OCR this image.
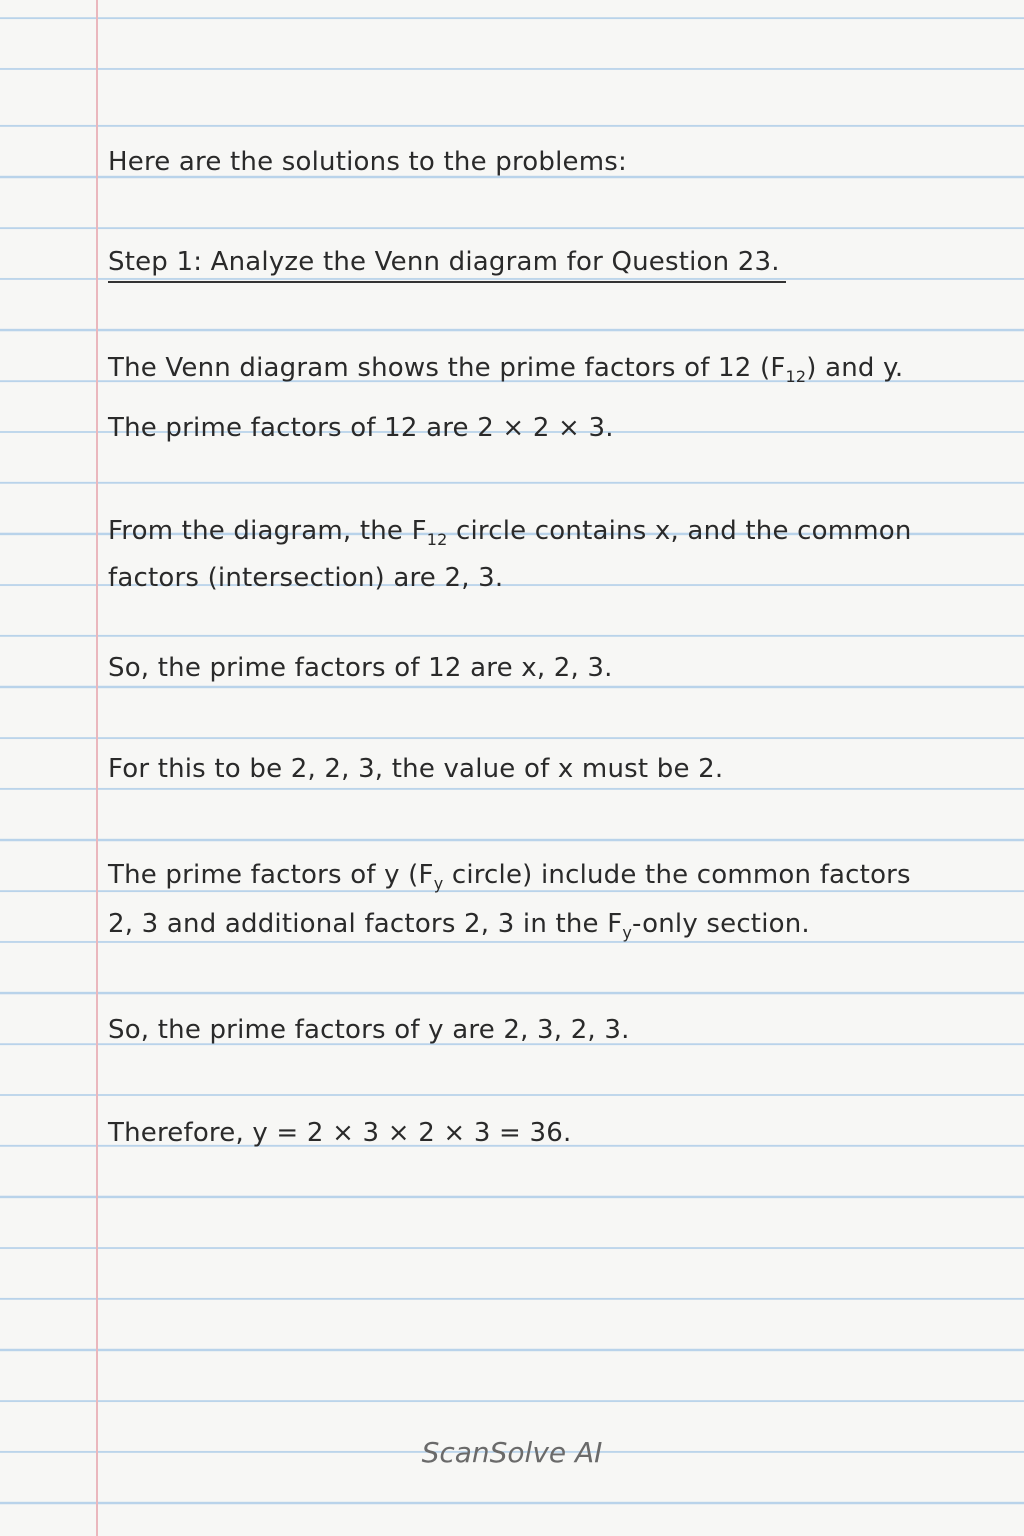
Here are the solutions to the problems:
Step 1: Analyze the Venn diagram for Question 23.
The Venn diagram shows the prime factors of 12 $(F_{12})$ and y.
The prime factors of 12 are 2 × 2 × 3.
From the diagram, the $F_{12}$ circle contains x, and the common
factors (intersection) are 2, 3.
So, the prime factors of 12 are x, 2, 3.
For this to be 2, 2, 3, the value of x must be 2.
The prime factors of y ($F_y$ circle) include the common factors
2, 3 and additional factors 2, 3 in the $F_y$-only section.
So, the prime factors of y are 2, 3, 2, 3.
Therefore, y = 2 × 3 × 2 × 3 = 36.
ScanSolve AI
